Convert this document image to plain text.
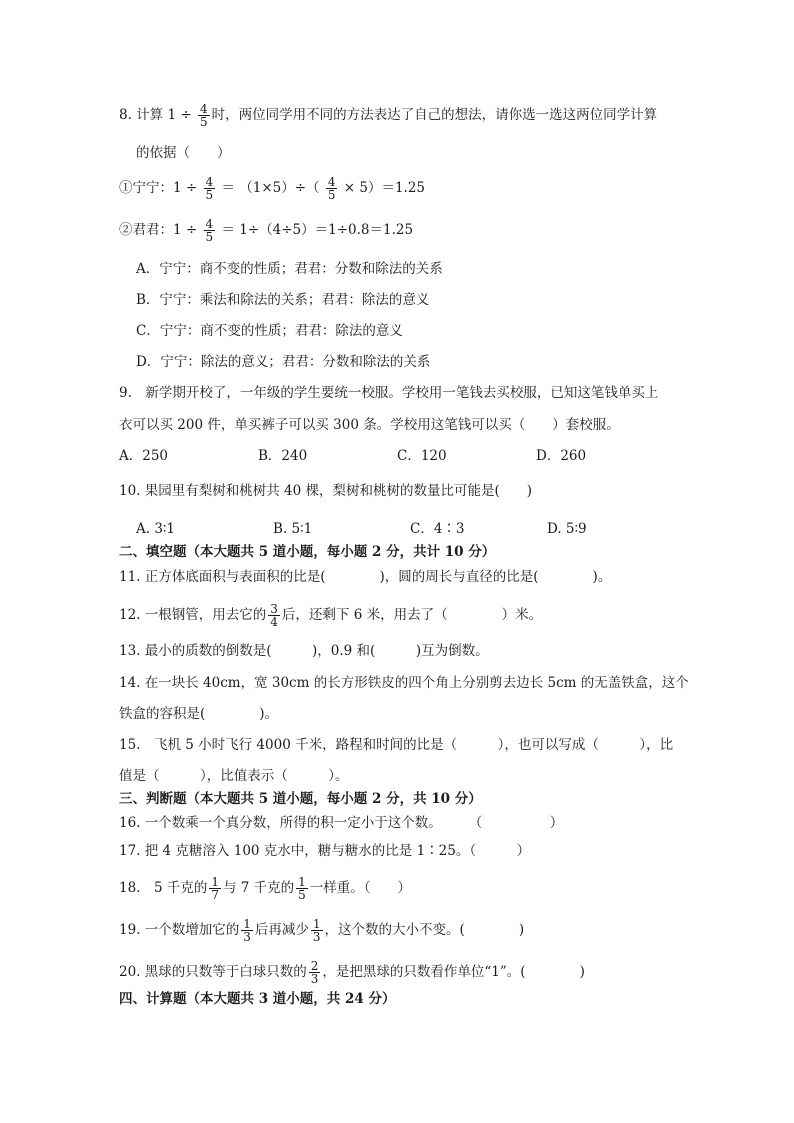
8. 计算 $1 \div \frac{4}{5}$ 时，两位同学用不同的方法表达了自己的想法，请你选一选这两位同学计算
的依据（　　）
①宁宁：$1 \div \frac{4}{5} = (1\times 5)\div( \frac{4}{5} \times 5)=1.25$
②君君：$1 \div \frac{4}{5} = 1\div(4\div 5)=1\div 0.8=1.25$
A．宁宁：商不变的性质；君君：分数和除法的关系
B．宁宁：乘法和除法的关系；君君：除法的意义
C．宁宁：商不变的性质；君君：除法的意义
D．宁宁：除法的意义；君君：分数和除法的关系
9.　新学期开校了，一年级的学生要统一校服。学校用一笔钱去买校服，已知这笔钱单买上
衣可以买 200 件，单买裤子可以买 300 条。学校用这笔钱可以买（　　）套校服。
A．250	B．240	C．120	D．260
10. 果园里有梨树和桃树共 40 棵，梨树和桃树的数量比可能是(　　)
A. 3∶1	B. 5∶1	C．4∶3	D. 5∶9
二、填空题（本大题共 5 道小题，每小题 2 分，共计 10 分）
11. 正方体底面积与表面积的比是(　　　　)，圆的周长与直径的比是(　　　　)。
12. 一根钢管，用去它的 $\frac{3}{4}$ 后，还剩下 6 米，用去了（　　　　）米。
13. 最小的质数的倒数是(　　　)，0.9 和(　　　)互为倒数。
14. 在一块长 40cm，宽 30cm 的长方形铁皮的四个角上分别剪去边长 5cm 的无盖铁盒，这个
铁盒的容积是(　　　　)。
15.　飞机 5 小时飞行 4000 千米，路程和时间的比是（　　　），也可以写成（　　　），比
值是（　　　），比值表示（　　　）。
三、判断题（本大题共 5 道小题，每小题 2 分，共 10 分）
16. 一个数乘一个真分数，所得的积一定小于这个数。　　　（　　　　　）
17. 把 4 克糖溶入 100 克水中，糖与糖水的比是 1∶25。（　　　）
18.　5 千克的 $\frac{1}{7}$ 与 7 千克的 $\frac{1}{5}$ 一样重。（　　）
19. 一个数增加它的 $\frac{1}{3}$ 后再减少 $\frac{1}{3}$ ，这个数的大小不变。(　　　　)
20. 黑球的只数等于白球只数的 $\frac{2}{3}$ ，是把黑球的只数看作单位“1”。(　　　　)
四、计算题（本大题共 3 道小题，共 24 分）
